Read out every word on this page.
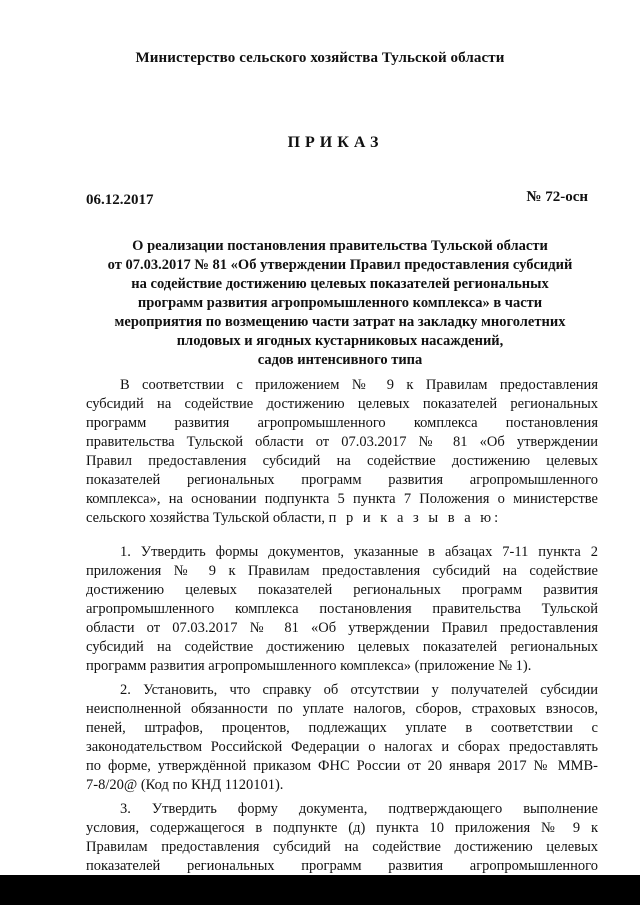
Министерство сельского хозяйства Тульской области
ПРИКАЗ
06.12.2017	№ 72-осн
О реализации постановления правительства Тульской области
от 07.03.2017 № 81 «Об утверждении Правил предоставления субсидий
на содействие достижению целевых показателей региональных
программ развития агропромышленного комплекса» в части
мероприятия по возмещению части затрат на закладку многолетних
плодовых и ягодных кустарниковых насаждений,
садов интенсивного типа

В соответствии с приложением № 9 к Правилам предоставления
субсидий на содействие достижению целевых показателей региональных
программ развития агропромышленного комплекса постановления
правительства Тульской области от 07.03.2017 № 81 «Об утверждении
Правил предоставления субсидий на содействие достижению целевых
показателей региональных программ развития агропромышленного
комплекса», на основании подпункта 5 пункта 7 Положения о министерстве
сельского хозяйства Тульской области, п р и к а з ы в а ю:

1. Утвердить формы документов, указанные в абзацах 7-11 пункта 2
приложения № 9 к Правилам предоставления субсидий на содействие
достижению целевых показателей региональных программ развития
агропромышленного комплекса постановления правительства Тульской
области от 07.03.2017 № 81 «Об утверждении Правил предоставления
субсидий на содействие достижению целевых показателей региональных
программ развития агропромышленного комплекса» (приложение № 1).

2. Установить, что справку об отсутствии у получателей субсидии
неисполненной обязанности по уплате налогов, сборов, страховых взносов,
пеней, штрафов, процентов, подлежащих уплате в соответствии с
законодательством Российской Федерации о налогах и сборах предоставлять
по форме, утверждённой приказом ФНС России от 20 января 2017 № ММВ-
7-8/20@ (Код по КНД 1120101).

3. Утвердить форму документа, подтверждающего выполнение
условия, содержащегося в подпункте (д) пункта 10 приложения № 9 к
Правилам предоставления субсидий на содействие достижению целевых
показателей региональных программ развития агропромышленного
